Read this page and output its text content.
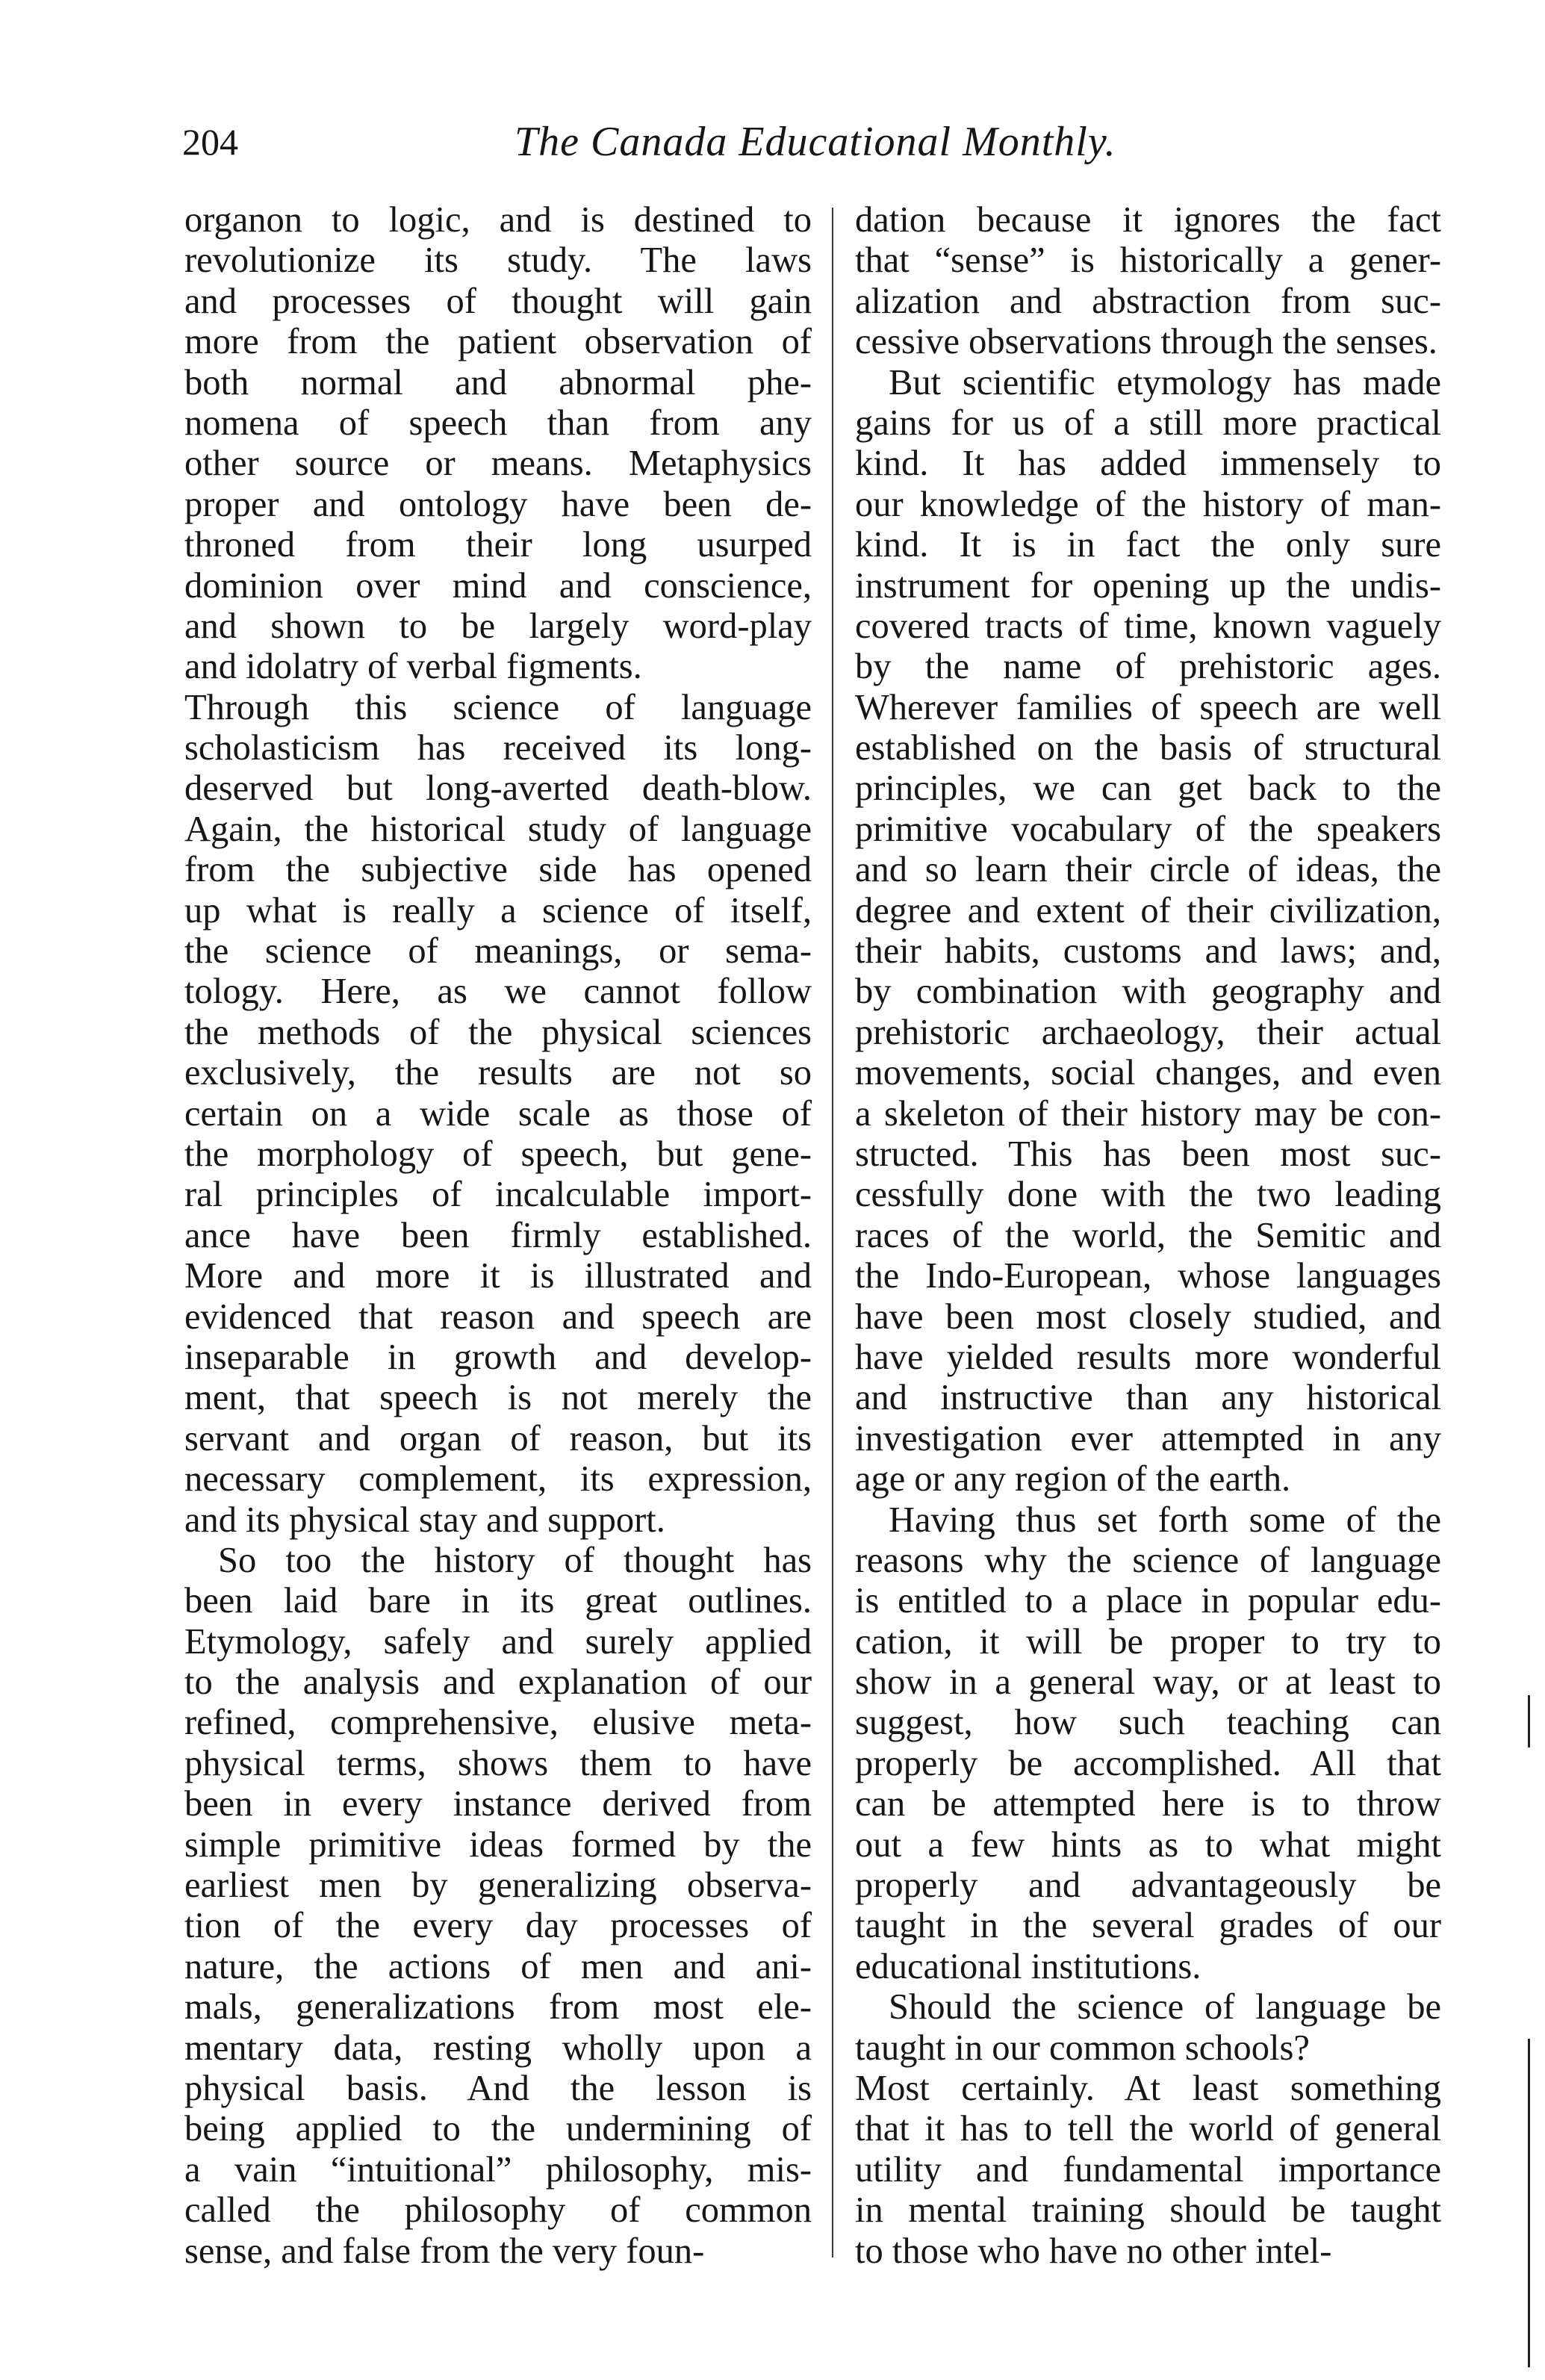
204	The Canada Educational Monthly.
organon to logic, and is destined to
revolutionize its study. The laws
and processes of thought will gain
more from the patient observation of
both normal and abnormal phe-
nomena of speech than from any
other source or means. Metaphysics
proper and ontology have been de-
throned from their long usurped
dominion over mind and conscience,
and shown to be largely word-play
and idolatry of verbal figments.
Through this science of language
scholasticism has received its long-
deserved but long-averted death-blow.
Again, the historical study of language
from the subjective side has opened
up what is really a science of itself,
the science of meanings, or sema-
tology. Here, as we cannot follow
the methods of the physical sciences
exclusively, the results are not so
certain on a wide scale as those of
the morphology of speech, but gene-
ral principles of incalculable import-
ance have been firmly established.
More and more it is illustrated and
evidenced that reason and speech are
inseparable in growth and develop-
ment, that speech is not merely the
servant and organ of reason, but its
necessary complement, its expression,
and its physical stay and support.
So too the history of thought has
been laid bare in its great outlines.
Etymology, safely and surely applied
to the analysis and explanation of our
refined, comprehensive, elusive meta-
physical terms, shows them to have
been in every instance derived from
simple primitive ideas formed by the
earliest men by generalizing observa-
tion of the every day processes of
nature, the actions of men and ani-
mals, generalizations from most ele-
mentary data, resting wholly upon a
physical basis. And the lesson is
being applied to the undermining of
a vain “intuitional” philosophy, mis-
called the philosophy of common
sense, and false from the very foun-
dation because it ignores the fact
that “sense” is historically a gener-
alization and abstraction from suc-
cessive observations through the senses.
But scientific etymology has made
gains for us of a still more practical
kind. It has added immensely to
our knowledge of the history of man-
kind. It is in fact the only sure
instrument for opening up the undis-
covered tracts of time, known vaguely
by the name of prehistoric ages.
Wherever families of speech are well
established on the basis of structural
principles, we can get back to the
primitive vocabulary of the speakers
and so learn their circle of ideas, the
degree and extent of their civilization,
their habits, customs and laws; and,
by combination with geography and
prehistoric archaeology, their actual
movements, social changes, and even
a skeleton of their history may be con-
structed. This has been most suc-
cessfully done with the two leading
races of the world, the Semitic and
the Indo-European, whose languages
have been most closely studied, and
have yielded results more wonderful
and instructive than any historical
investigation ever attempted in any
age or any region of the earth.
Having thus set forth some of the
reasons why the science of language
is entitled to a place in popular edu-
cation, it will be proper to try to
show in a general way, or at least to
suggest, how such teaching can
properly be accomplished. All that
can be attempted here is to throw
out a few hints as to what might
properly and advantageously be
taught in the several grades of our
educational institutions.
Should the science of language be
taught in our common schools?
Most certainly. At least something
that it has to tell the world of general
utility and fundamental importance
in mental training should be taught
to those who have no other intel-
